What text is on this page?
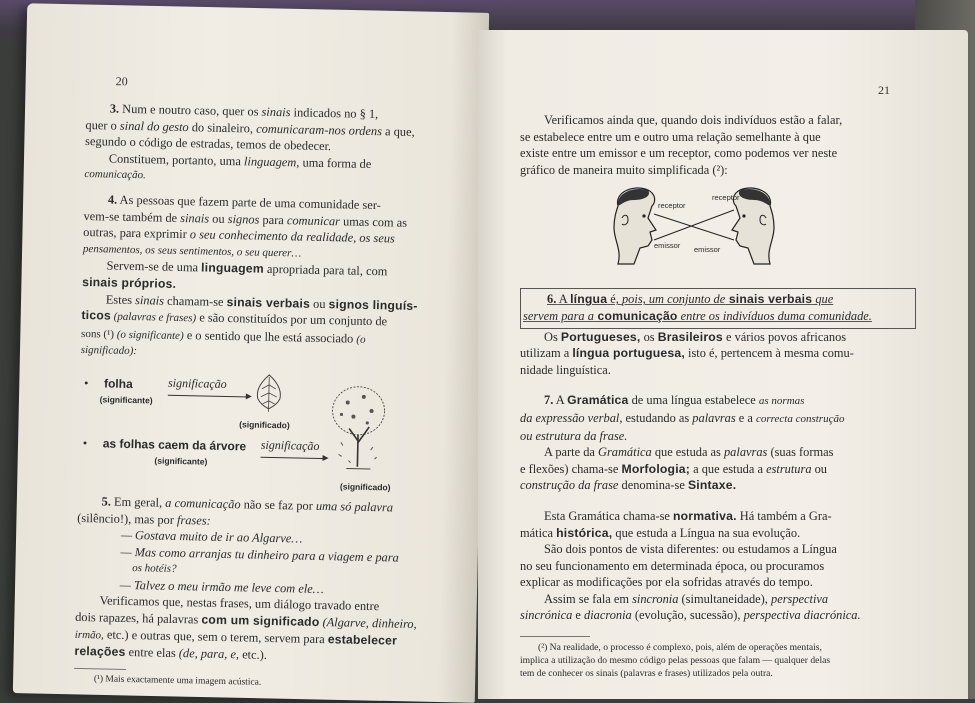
20

3. Num e noutro caso, quer os sinais indicados no § 1,

quer o sinal do gesto do sinaleiro, comunicaram-nos ordens a que,

segundo o código de estradas, temos de obedecer.

Constituem, portanto, uma linguagem, uma forma de

comunicação.

4. As pessoas que fazem parte de uma comunidade ser-

vem-se também de sinais ou signos para comunicar umas com as

outras, para exprimir o seu conhecimento da realidade, os seus

pensamentos, os seus sentimentos, o seu querer…

Servem-se de uma linguagem apropriada para tal, com

sinais próprios.

Estes sinais chamam-se sinais verbais ou signos linguís-

ticos (palavras e frases) e são constituídos por um conjunto de

sons (¹) (o significante) e o sentido que lhe está associado (o

significado):

• folha
(significante)
significação
(significado)
• as folhas caem da árvore
(significante)
significação
(significado)

5. Em geral, a comunicação não se faz por uma só palavra

(silêncio!), mas por frases:

— Gostava muito de ir ao Algarve…

— Mas como arranjas tu dinheiro para a viagem e para

os hotéis?

— Talvez o meu irmão me leve com ele…

Verificamos que, nestas frases, um diálogo travado entre

dois rapazes, há palavras com um significado (Algarve, dinheiro,

irmão, etc.) e outras que, sem o terem, servem para estabelecer

relações entre elas (de, para, e, etc.).

(¹) Mais exactamente uma imagem acústica.

21

Verificamos ainda que, quando dois indivíduos estão a falar,

se estabelece entre um e outro uma relação semelhante à que

existe entre um emissor e um receptor, como podemos ver neste

gráfico de maneira muito simplificada (²):

receptor
receptor
emissor emissor

6. A língua é, pois, um conjunto de sinais verbais que

servem para a comunicação entre os indivíduos duma comunidade.

Os Portugueses, os Brasileiros e vários povos africanos

utilizam a língua portuguesa, isto é, pertencem à mesma comu-

nidade linguística.

7. A Gramática de uma língua estabelece as normas

da expressão verbal, estudando as palavras e a correcta construção

ou estrutura da frase.

A parte da Gramática que estuda as palavras (suas formas

e flexões) chama-se Morfologia; a que estuda a estrutura ou

construção da frase denomina-se Sintaxe.

Esta Gramática chama-se normativa. Há também a Gra-

mática histórica, que estuda a Língua na sua evolução.

São dois pontos de vista diferentes: ou estudamos a Língua

no seu funcionamento em determinada época, ou procuramos

explicar as modificações por ela sofridas através do tempo.

Assim se fala em sincronia (simultaneidade), perspectiva

sincrónica e diacronia (evolução, sucessão), perspectiva diacrónica.

(²) Na realidade, o processo é complexo, pois, além de operações mentais,

implica a utilização do mesmo código pelas pessoas que falam — qualquer delas

tem de conhecer os sinais (palavras e frases) utilizados pela outra.
